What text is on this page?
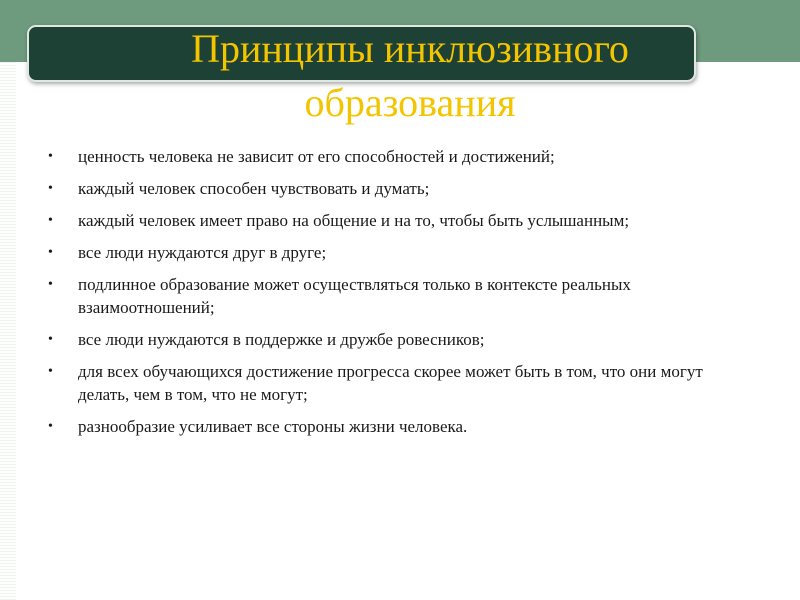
Принципы инклюзивного
образования
• ценность человека не зависит от его способностей и достижений;
• каждый человек способен чувствовать и думать;
• каждый человек имеет право на общение и на то, чтобы быть услышанным;
• все люди нуждаются друг в друге;
• подлинное образование может осуществляться только в контексте реальных взаимоотношений;
• все люди нуждаются в поддержке и дружбе ровесников;
• для всех обучающихся достижение прогресса скорее может быть в том, что они могут делать, чем в том, что не могут;
• разнообразие усиливает все стороны жизни человека.
